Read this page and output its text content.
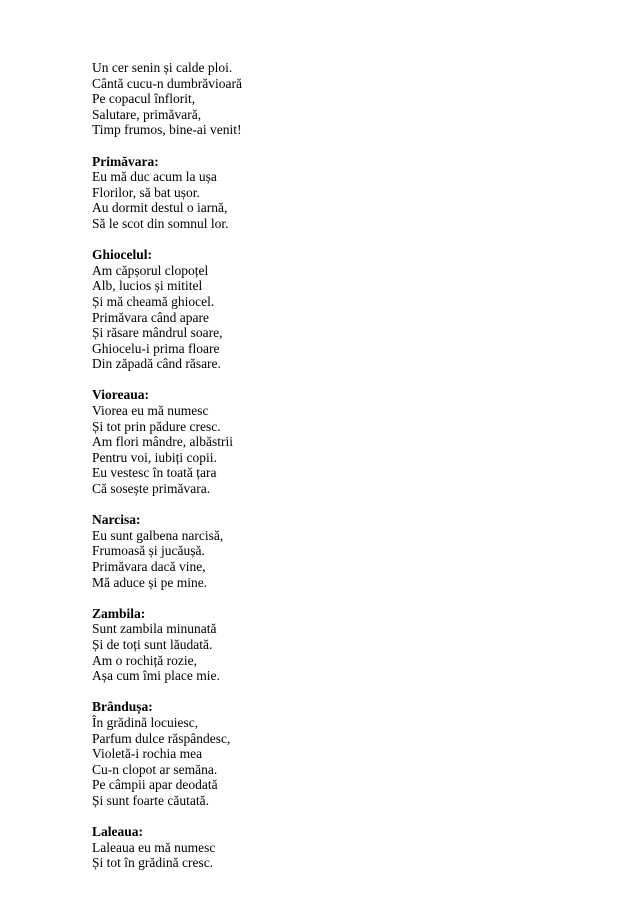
Un cer senin și calde ploi.
Cântă cucu-n dumbrăvioară
Pe copacul înflorit,
Salutare, primăvară,
Timp frumos, bine-ai venit!
Primăvara:
Eu mă duc acum la ușa
Florilor, să bat ușor.
Au dormit destul o iarnă,
Să le scot din somnul lor.
Ghiocelul:
Am căpșorul clopoțel
Alb, lucios și mititel
Și mă cheamă ghiocel.
Primăvara când apare
Și răsare mândrul soare,
Ghiocelu-i prima floare
Din zăpadă când răsare.
Vioreaua:
Viorea eu mă numesc
Și tot prin pădure cresc.
Am flori mândre, albăstrii
Pentru voi, iubiți copii.
Eu vestesc în toată țara
Că sosește primăvara.
Narcisa:
Eu sunt galbena narcisă,
Frumoasă și jucăușă.
Primăvara dacă vine,
Mă aduce și pe mine.
Zambila:
Sunt zambila minunată
Și de toți sunt lăudată.
Am o rochiță rozie,
Așa cum îmi place mie.
Brândușa:
În grădină locuiesc,
Parfum dulce răspândesc,
Violetă-i rochia mea
Cu-n clopot ar semăna.
Pe câmpii apar deodată
Și sunt foarte căutată.
Laleaua:
Laleaua eu mă numesc
Și tot în grădină cresc.
